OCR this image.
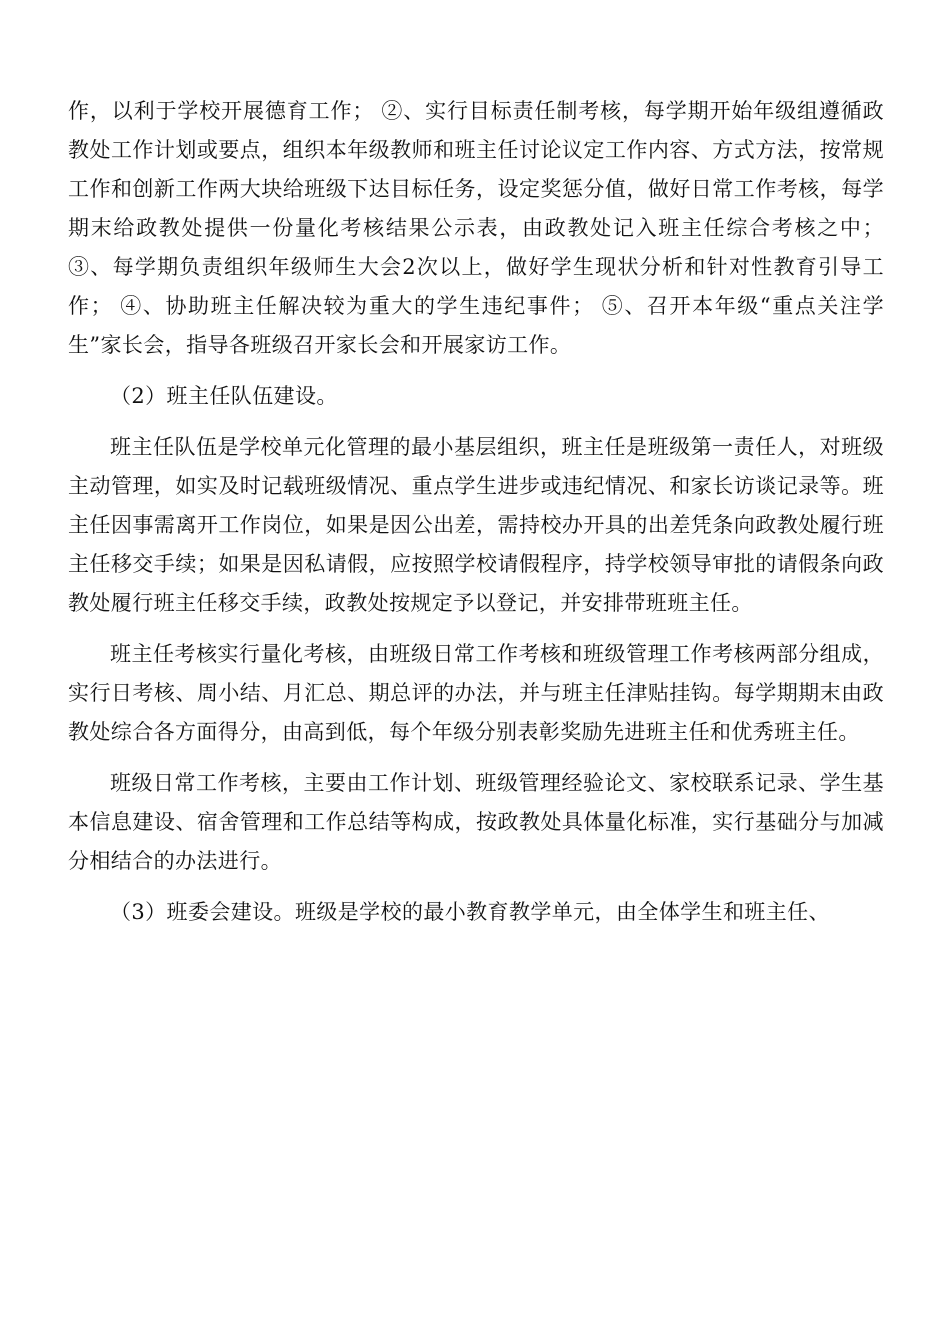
作，以利于学校开展德育工作； ②、实行目标责任制考核，每学期开始年级组遵循政教处工作计划或要点，组织本年级教师和班主任讨论议定工作内容、方式方法，按常规工作和创新工作两大块给班级下达目标任务，设定奖惩分值，做好日常工作考核，每学期末给政教处提供一份量化考核结果公示表，由政教处记入班主任综合考核之中； ③、每学期负责组织年级师生大会2次以上，做好学生现状分析和针对性教育引导工作； ④、协助班主任解决较为重大的学生违纪事件； ⑤、召开本年级“重点关注学生”家长会，指导各班级召开家长会和开展家访工作。

（2）班主任队伍建设。

班主任队伍是学校单元化管理的最小基层组织，班主任是班级第一责任人，对班级主动管理，如实及时记载班级情况、重点学生进步或违纪情况、和家长访谈记录等。班主任因事需离开工作岗位，如果是因公出差，需持校办开具的出差凭条向政教处履行班主任移交手续；如果是因私请假，应按照学校请假程序，持学校领导审批的请假条向政教处履行班主任移交手续，政教处按规定予以登记，并安排带班班主任。

班主任考核实行量化考核，由班级日常工作考核和班级管理工作考核两部分组成，实行日考核、周小结、月汇总、期总评的办法，并与班主任津贴挂钩。每学期期末由政教处综合各方面得分，由高到低，每个年级分别表彰奖励先进班主任和优秀班主任。

班级日常工作考核，主要由工作计划、班级管理经验论文、家校联系记录、学生基本信息建设、宿舍管理和工作总结等构成，按政教处具体量化标准，实行基础分与加减分相结合的办法进行。

（3）班委会建设。班级是学校的最小教育教学单元，由全体学生和班主任、
